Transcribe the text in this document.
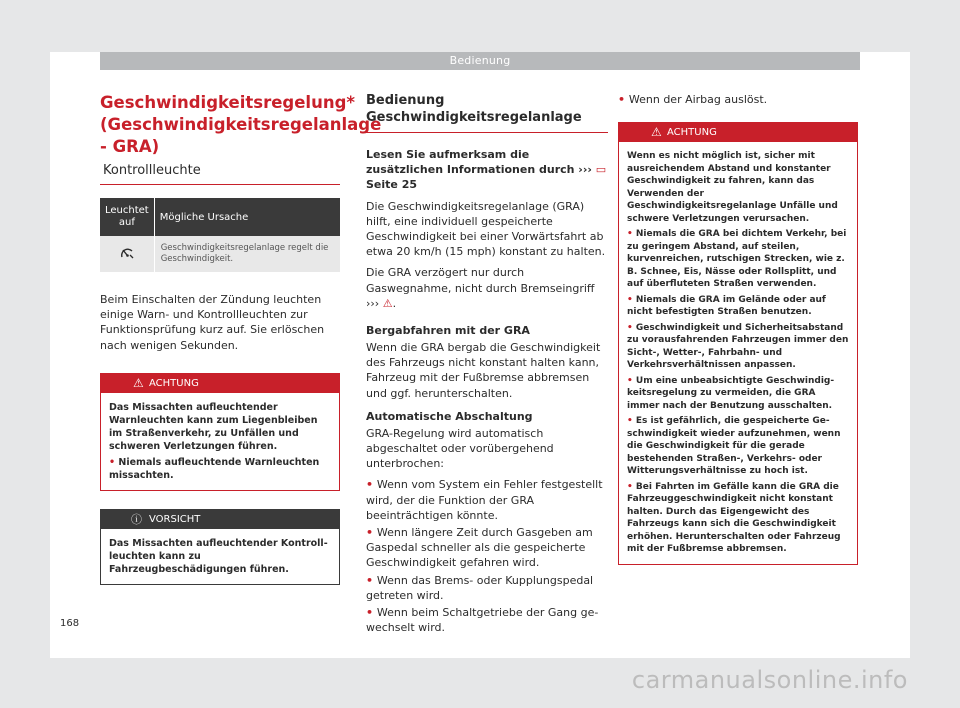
Bedienung
Geschwindigkeitsregelung* (Geschwindigkeitsregelanlage - GRA)
Kontrollleuchte
Leuchtet auf	Mögliche Ursache
	Geschwindigkeitsregelanlage regelt die Geschwindigkeit.

Beim Einschalten der Zündung leuchten einige Warn- und Kontrollleuchten zur Funktionsprüfung kurz auf. Sie erlöschen nach wenigen Sekunden.

⚠ ACHTUNG

Das Missachten aufleuchtender Warnleuchten kann zum Liegenbleiben im Straßenverkehr, zu Unfällen und schweren Verletzungen führen.

• Niemals aufleuchtende Warnleuchten missachten.

ⓘ VORSICHT

Das Missachten aufleuchtender Kontrollleuchten kann zu Fahrzeugbeschädigungen führen.

Bedienung Geschwindigkeitsregelanlage

Lesen Sie aufmerksam die zusätzlichen Informationen durch ››› ▭ Seite 25

Die Geschwindigkeitsregelanlage (GRA) hilft, eine individuell gespeicherte Geschwindigkeit bei einer Vorwärtsfahrt ab etwa 20 km/h (15 mph) konstant zu halten.

Die GRA verzögert nur durch Gaswegnahme, nicht durch Bremseingriff ››› ⚠.

Bergabfahren mit der GRA

Wenn die GRA bergab die Geschwindigkeit des Fahrzeugs nicht konstant halten kann, Fahrzeug mit der Fußbremse abbremsen und ggf. herunterschalten.

Automatische Abschaltung

GRA-Regelung wird automatisch abgeschaltet oder vorübergehend unterbrochen:

• Wenn vom System ein Fehler festgestellt wird, der die Funktion der GRA beeinträchtigen könnte.

• Wenn längere Zeit durch Gasgeben am Gaspedal schneller als die gespeicherte Geschwindigkeit gefahren wird.

• Wenn das Brems- oder Kupplungspedal getreten wird.

• Wenn beim Schaltgetriebe der Gang gewechselt wird.

• Wenn der Airbag auslöst.

⚠ ACHTUNG

Wenn es nicht möglich ist, sicher mit ausreichendem Abstand und konstanter Geschwindigkeit zu fahren, kann das Verwenden der Geschwindigkeitsregelanlage Unfälle und schwere Verletzungen verursachen.

• Niemals die GRA bei dichtem Verkehr, bei zu geringem Abstand, auf steilen, kurvenreichen, rutschigen Strecken, wie z. B. Schnee, Eis, Nässe oder Rollsplitt, und auf überfluteten Straßen verwenden.

• Niemals die GRA im Gelände oder auf nicht befestigten Straßen benutzen.

• Geschwindigkeit und Sicherheitsabstand zu vorausfahrenden Fahrzeugen immer den Sicht-, Wetter-, Fahrbahn- und Verkehrsverhältnissen anpassen.

• Um eine unbeabsichtigte Geschwindigkeitsregelung zu vermeiden, die GRA immer nach der Benutzung ausschalten.

• Es ist gefährlich, die gespeicherte Geschwindigkeit wieder aufzunehmen, wenn die Geschwindigkeit für die gerade bestehenden Straßen-, Verkehrs- oder Witterungsverhältnisse zu hoch ist.

• Bei Fahrten im Gefälle kann die GRA die Fahrzeuggeschwindigkeit nicht konstant halten. Durch das Eigengewicht des Fahrzeugs kann sich die Geschwindigkeit erhöhen. Herunterschalten oder Fahrzeug mit der Fußbremse abbremsen.

168
carmanualsonline.info
